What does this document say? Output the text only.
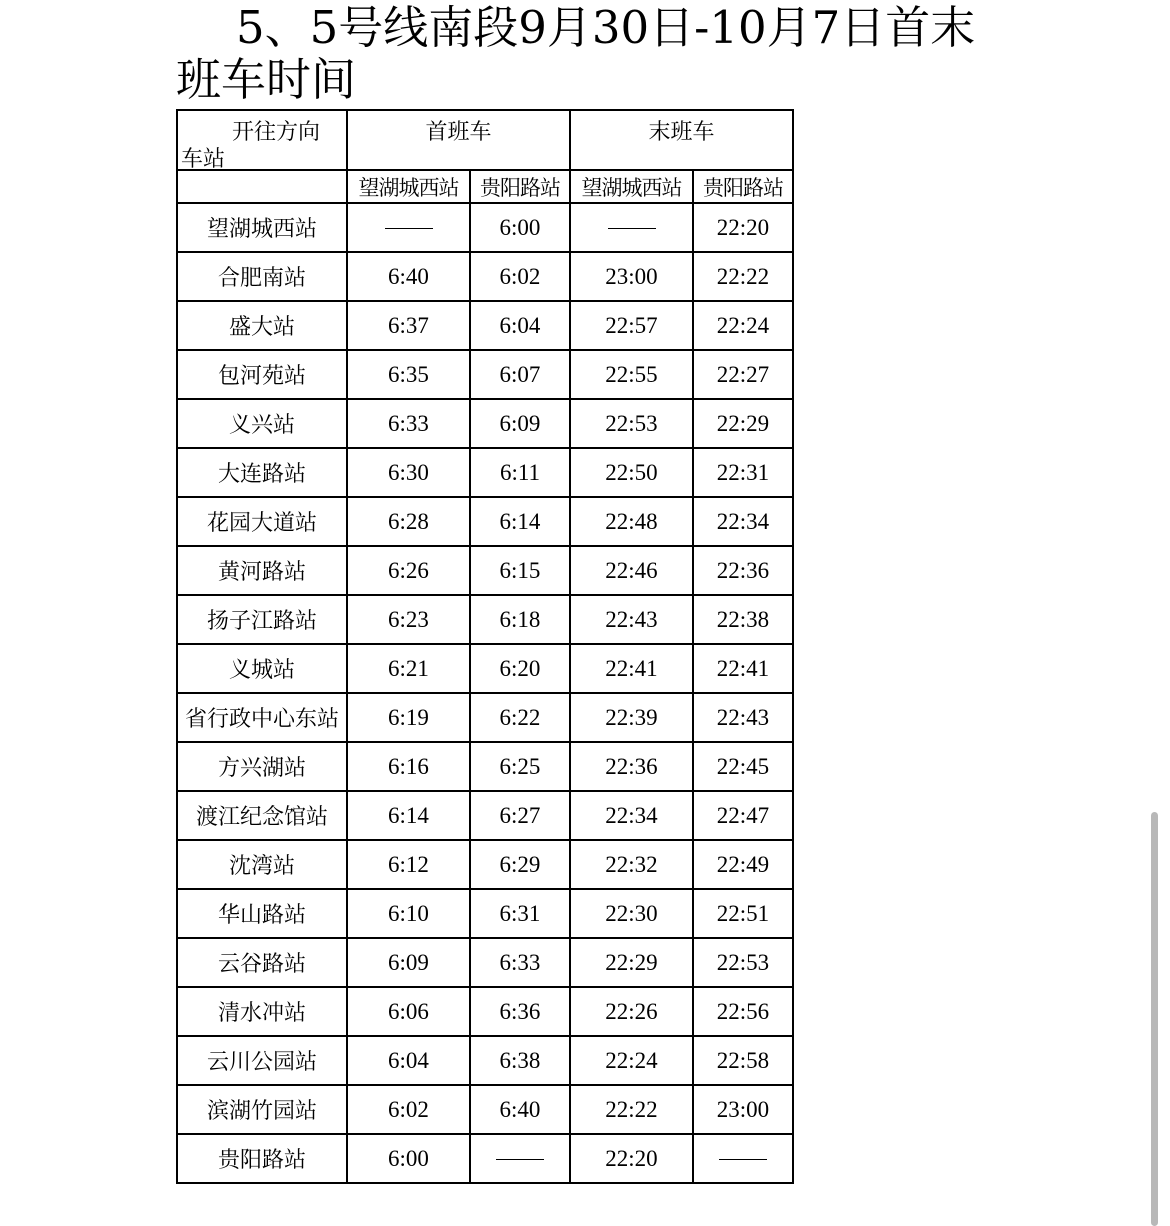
5、5号线南段9月30日-10月7日首末班车时间
开往方向
车站	首班车		末班车	

	望湖城西站	贵阳路站	望湖城西站	贵阳路站
望湖城西站		6:00		22:20
合肥南站	6:40	6:02	23:00	22:22
盛大站	6:37	6:04	22:57	22:24
包河苑站	6:35	6:07	22:55	22:27
义兴站	6:33	6:09	22:53	22:29
大连路站	6:30	6:11	22:50	22:31
花园大道站	6:28	6:14	22:48	22:34
黄河路站	6:26	6:15	22:46	22:36
扬子江路站	6:23	6:18	22:43	22:38
义城站	6:21	6:20	22:41	22:41
省行政中心东站	6:19	6:22	22:39	22:43
方兴湖站	6:16	6:25	22:36	22:45
渡江纪念馆站	6:14	6:27	22:34	22:47
沈湾站	6:12	6:29	22:32	22:49
华山路站	6:10	6:31	22:30	22:51
云谷路站	6:09	6:33	22:29	22:53
清水冲站	6:06	6:36	22:26	22:56
云川公园站	6:04	6:38	22:24	22:58
滨湖竹园站	6:02	6:40	22:22	23:00
贵阳路站	6:00		22:20	
